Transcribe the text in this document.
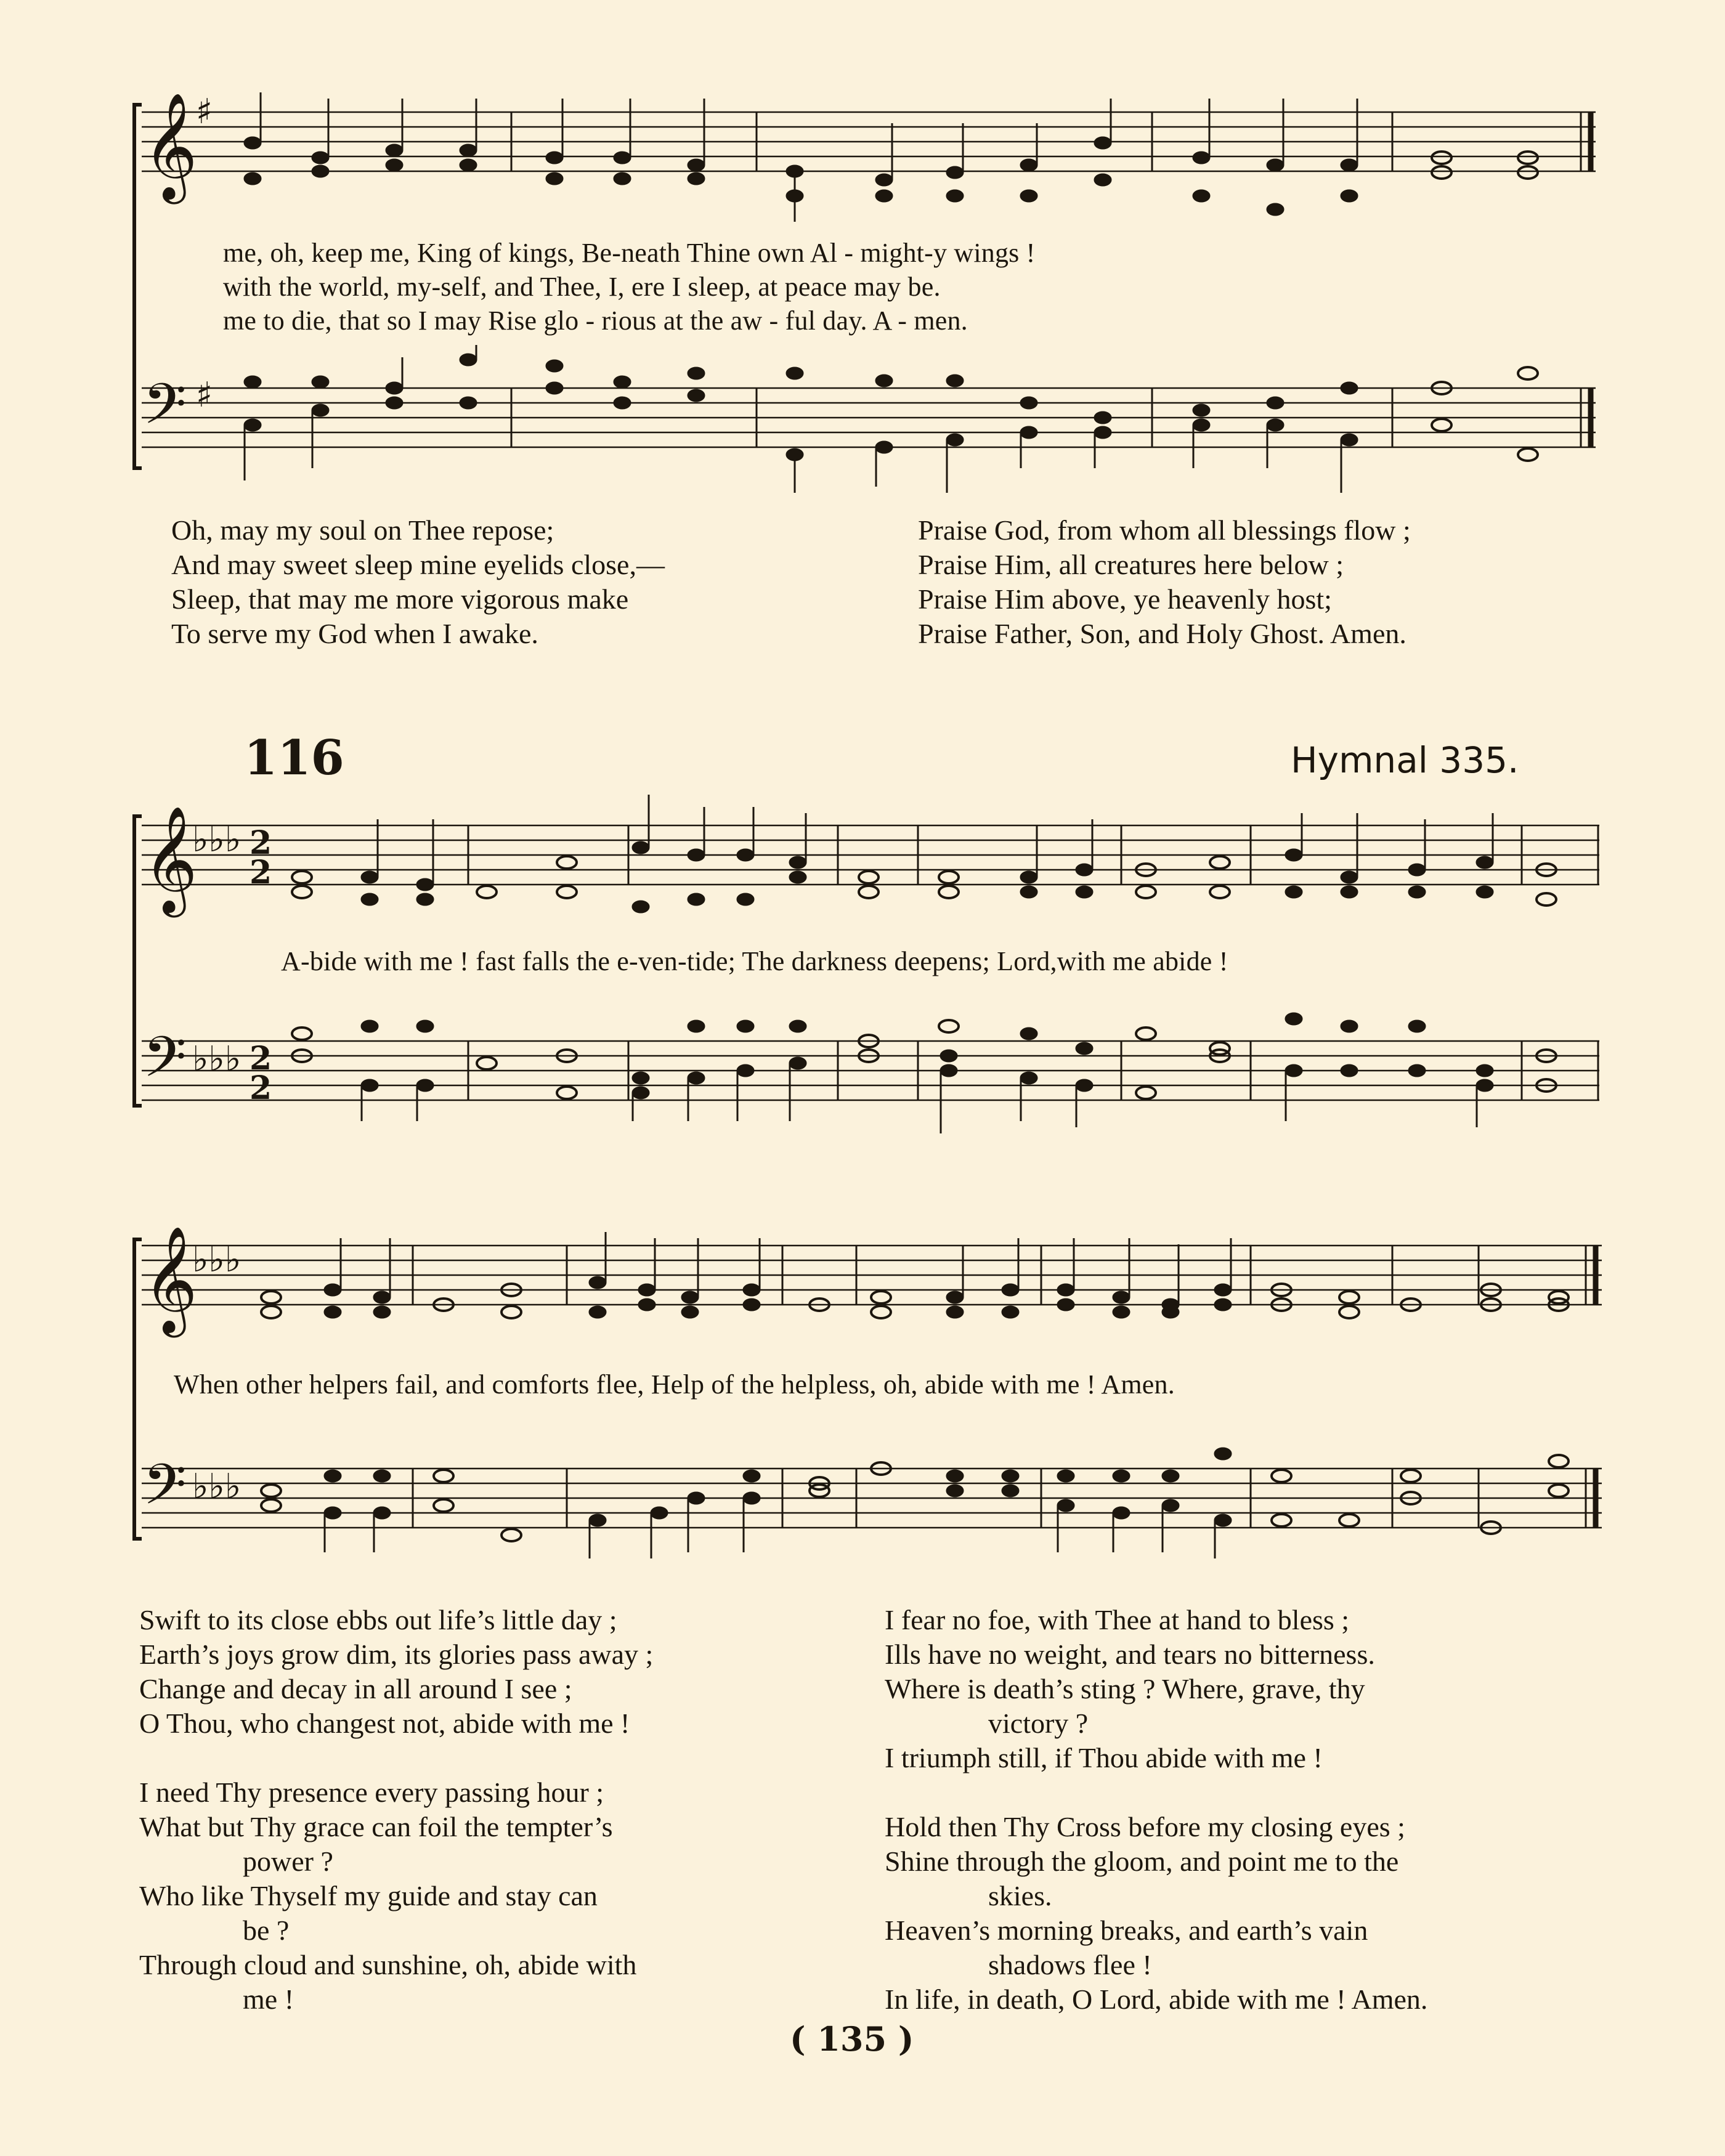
𝄞
𝄢
♯
♯
me, oh, keep me, King of kings, Be-neath Thine own Al - might-y wings !
with the world, my-self, and Thee, I, ere I sleep, at peace may be.
me to die, that so I may Rise glo - rious at the aw - ful day. A - men.
Oh, may my soul on Thee repose;
And may sweet sleep mine eyelids close,—
Sleep, that may me more vigorous make
To serve my God when I awake.
Praise God, from whom all blessings flow ;
Praise Him, all creatures here below ;
Praise Him above, ye heavenly host;
Praise Father, Son, and Holy Ghost. Amen.
116	Hymnal 335.
𝄞
𝄢
♭♭♭
♭♭♭
2
2
2
2
A-bide with me ! fast falls the e-ven-tide; The darkness deepens; Lord,with me abide !
𝄞
𝄢
♭♭♭
♭♭♭
When other helpers fail, and comforts flee, Help of the helpless, oh, abide with me ! Amen.
Swift to its close ebbs out life’s little day ;
Earth’s joys grow dim, its glories pass away ;
Change and decay in all around I see ;
O Thou, who changest not, abide with me !
I need Thy presence every passing hour ;
What but Thy grace can foil the tempter’s
power ?
Who like Thyself my guide and stay can
be ?
Through cloud and sunshine, oh, abide with
me !
I fear no foe, with Thee at hand to bless ;
Ills have no weight, and tears no bitterness.
Where is death’s sting ? Where, grave, thy
victory ?
I triumph still, if Thou abide with me !
Hold then Thy Cross before my closing eyes ;
Shine through the gloom, and point me to the
skies.
Heaven’s morning breaks, and earth’s vain
shadows flee !
In life, in death, O Lord, abide with me ! Amen.
( 135 )
